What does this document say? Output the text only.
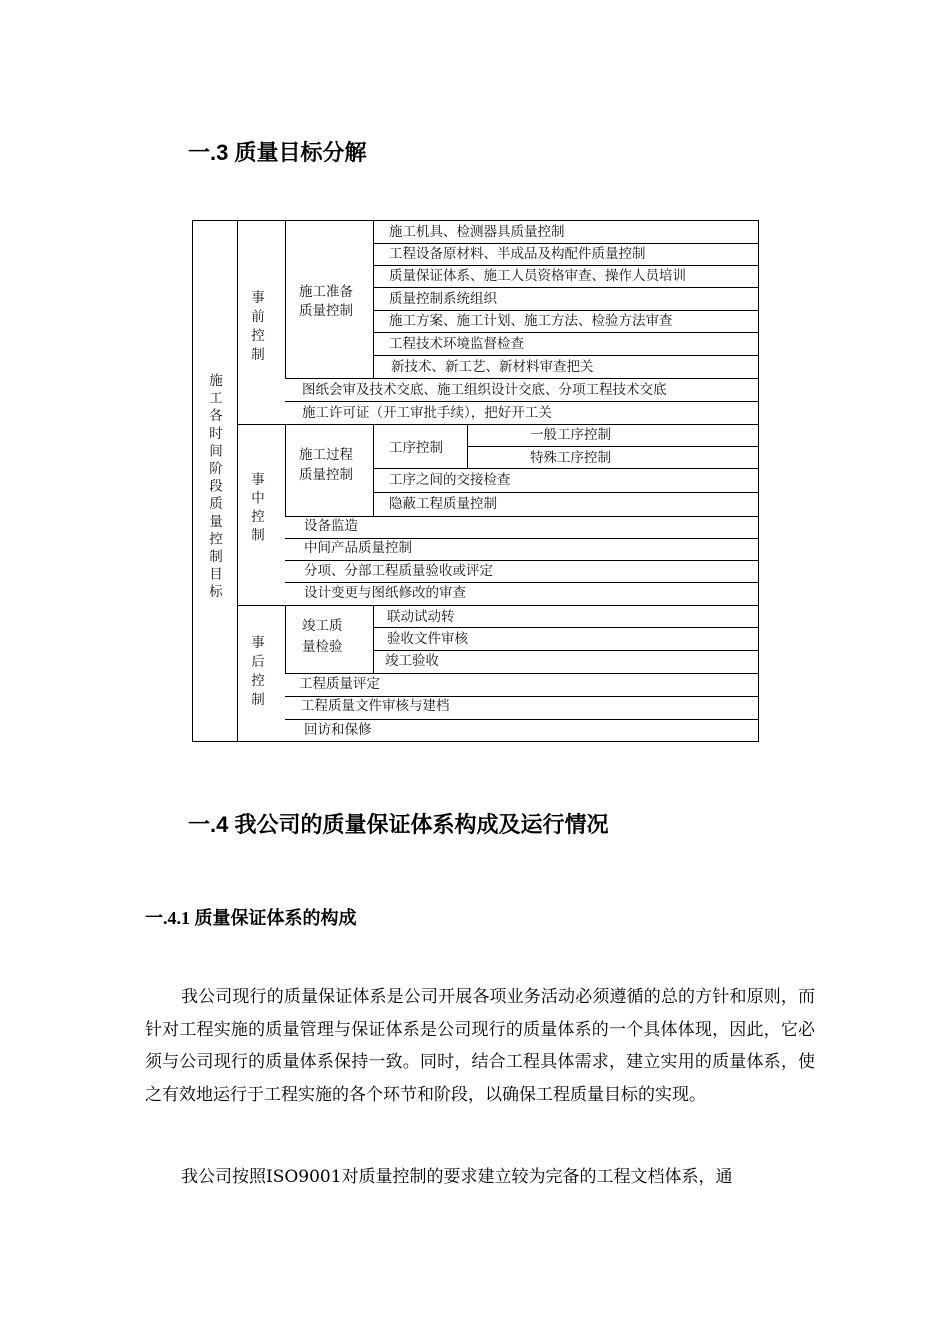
一.3 质量目标分解
施
工
各
时
间
阶
段
质
量
控
制
目
标
事
前
控
制
事
中
控
制
事
后
控
制
施工准备
质量控制
施工过程
质量控制
竣工质
量检验
施工机具、检测器具质量控制
工程设备原材料、半成品及构配件质量控制
质量保证体系、施工人员资格审查、操作人员培训
质量控制系统组织
施工方案、施工计划、施工方法、检验方法审查
工程技术环境监督检查
新技术、新工艺、新材料审查把关
图纸会审及技术交底、施工组织设计交底、分项工程技术交底
施工许可证（开工审批手续），把好开工关
工序控制
一般工序控制
特殊工序控制
工序之间的交接检查
隐蔽工程质量控制
设备监造
中间产品质量控制
分项、分部工程质量验收或评定
设计变更与图纸修改的审查
联动试动转
验收文件审核
竣工验收
工程质量评定
工程质量文件审核与建档
回访和保修
一.4 我公司的质量保证体系构成及运行情况
一.4.1 质量保证体系的构成

我公司现行的质量保证体系是公司开展各项业务活动必须遵循的总的方针和原则，而针对工程实施的质量管理与保证体系是公司现行的质量体系的一个具体体现，因此，它必须与公司现行的质量体系保持一致。同时，结合工程具体需求，建立实用的质量体系，使之有效地运行于工程实施的各个环节和阶段，以确保工程质量目标的实现。

我公司按照ISO9001对质量控制的要求建立较为完备的工程文档体系，通
